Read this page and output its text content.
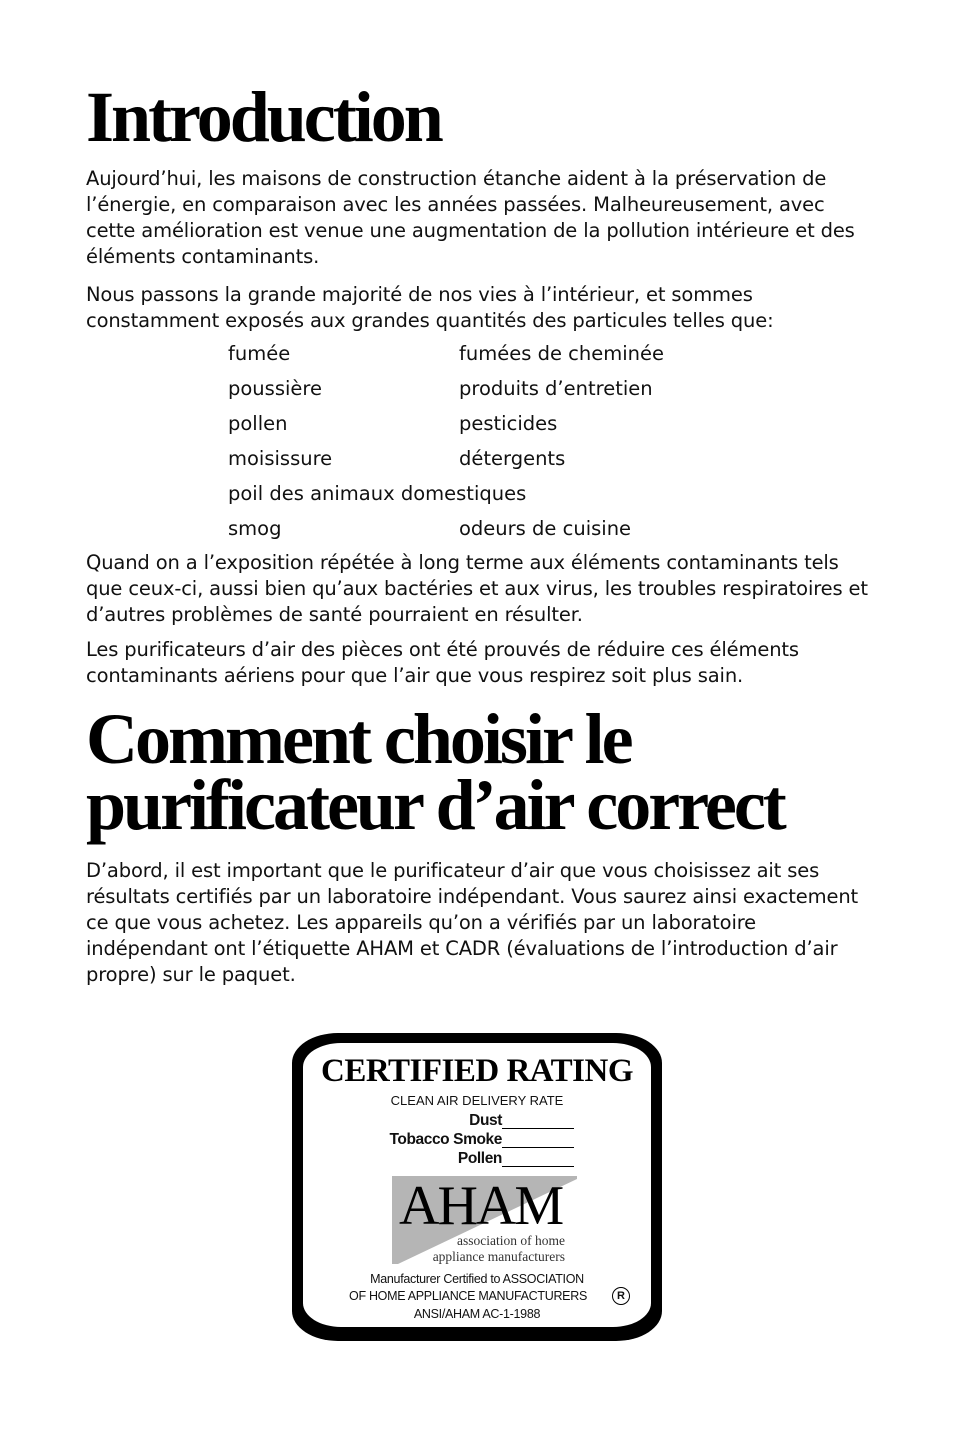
Introduction

Aujourd’hui, les maisons de construction étanche aident à la préservation de l’énergie, en comparaison avec les années passées. Malheureusement, avec cette amélioration est venue une augmentation de la pollution intérieure et des éléments contaminants.

Nous passons la grande majorité de nos vies à l’intérieur, et sommes constamment exposés aux grandes quantités des particules telles que:

fumée	fumées de cheminée
poussière	produits d’entretien
pollen	pesticides
moisissure	détergents
poil des animaux domestiques
smog	odeurs de cuisine

Quand on a l’exposition répétée à long terme aux éléments contaminants tels que ceux-ci, aussi bien qu’aux bactéries et aux virus, les troubles respiratoires et d’autres problèmes de santé pourraient en résulter.

Les purificateurs d’air des pièces ont été prouvés de réduire ces éléments contaminants aériens pour que l’air que vous respirez soit plus sain.

Comment choisir le purificateur d’air correct

D’abord, il est important que le purificateur d’air que vous choisissez ait ses résultats certifiés par un laboratoire indépendant. Vous saurez ainsi exactement ce que vous achetez. Les appareils qu’on a vérifiés par un laboratoire indépendant ont l’étiquette AHAM et CADR (évaluations de l’introduction d’air propre) sur le paquet.

CERTIFIED RATING
CLEAN AIR DELIVERY RATE
Dust
Tobacco Smoke
Pollen
AHAM
association of home
appliance manufacturers
Manufacturer Certified to ASSOCIATION
OF HOME APPLIANCE MANUFACTURERS	R
ANSI/AHAM AC-1-1988
